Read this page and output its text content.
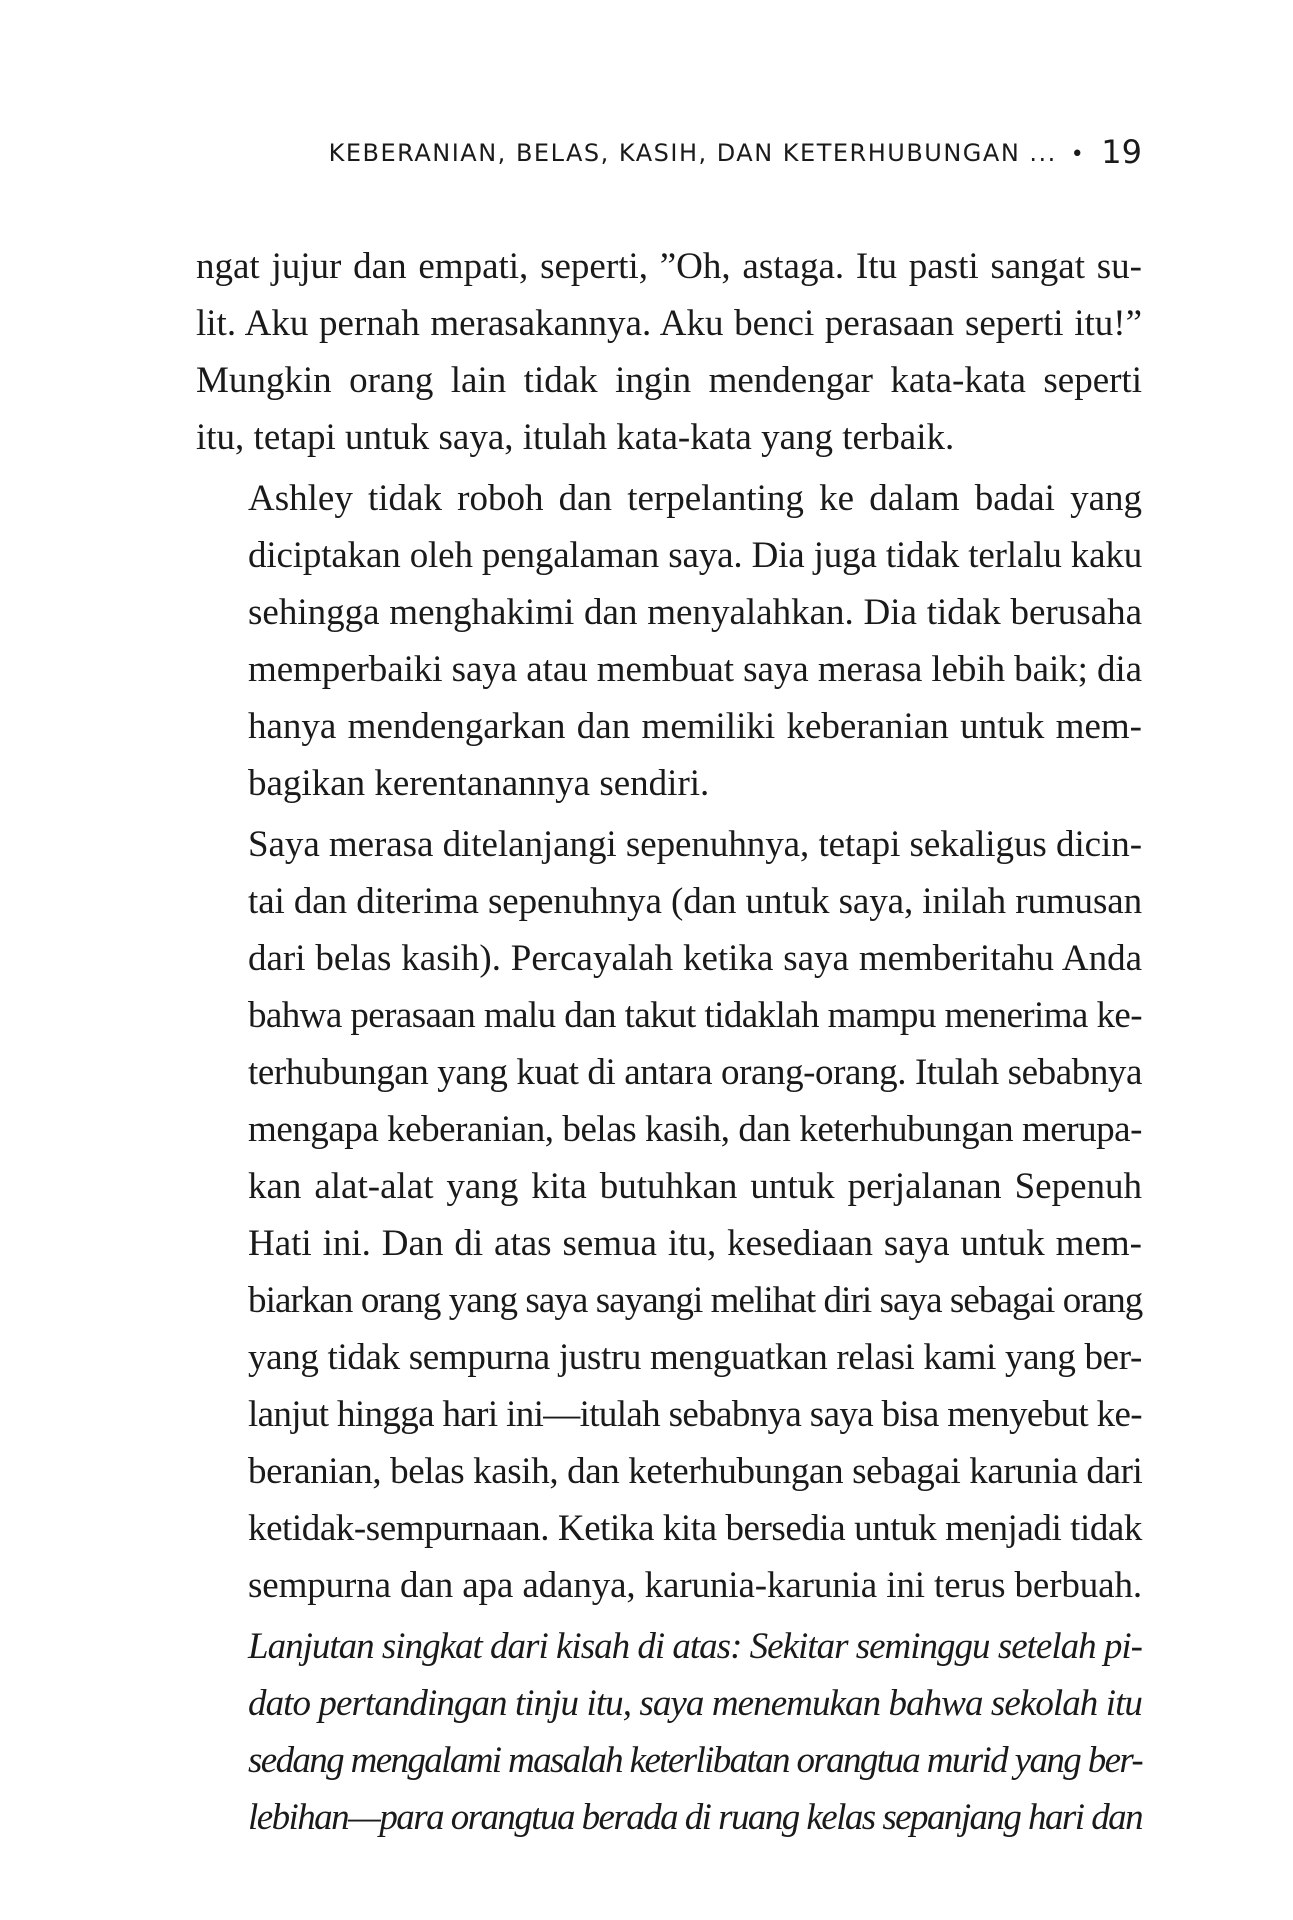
KEBERANIAN, BELAS, KASIH, DAN KETERHUBUNGAN ... • 19

ngat jujur dan empati, seperti, ”Oh, astaga. Itu pasti sangat su-
lit. Aku pernah merasakannya. Aku benci perasaan seperti itu!”
Mungkin orang lain tidak ingin mendengar kata-kata seperti
itu, tetapi untuk saya, itulah kata-kata yang terbaik.

Ashley tidak roboh dan terpelanting ke dalam badai yang
diciptakan oleh pengalaman saya. Dia juga tidak terlalu kaku
sehingga menghakimi dan menyalahkan. Dia tidak berusaha
memperbaiki saya atau membuat saya merasa lebih baik; dia
hanya mendengarkan dan memiliki keberanian untuk mem-
bagikan kerentanannya sendiri.

Saya merasa ditelanjangi sepenuhnya, tetapi sekaligus dicin-
tai dan diterima sepenuhnya (dan untuk saya, inilah rumusan
dari belas kasih). Percayalah ketika saya memberitahu Anda
bahwa perasaan malu dan takut tidaklah mampu menerima ke-
terhubungan yang kuat di antara orang-orang. Itulah sebabnya
mengapa keberanian, belas kasih, dan keterhubungan merupa-
kan alat-alat yang kita butuhkan untuk perjalanan Sepenuh
Hati ini. Dan di atas semua itu, kesediaan saya untuk mem-
biarkan orang yang saya sayangi melihat diri saya sebagai orang
yang tidak sempurna justru menguatkan relasi kami yang ber-
lanjut hingga hari ini—itulah sebabnya saya bisa menyebut ke-
beranian, belas kasih, dan keterhubungan sebagai karunia dari
ketidak-sempurnaan. Ketika kita bersedia untuk menjadi tidak
sempurna dan apa adanya, karunia-karunia ini terus berbuah.

Lanjutan singkat dari kisah di atas: Sekitar seminggu setelah pi-
dato pertandingan tinju itu, saya menemukan bahwa sekolah itu
sedang mengalami masalah keterlibatan orangtua murid yang ber-
lebihan—para orangtua berada di ruang kelas sepanjang hari dan
